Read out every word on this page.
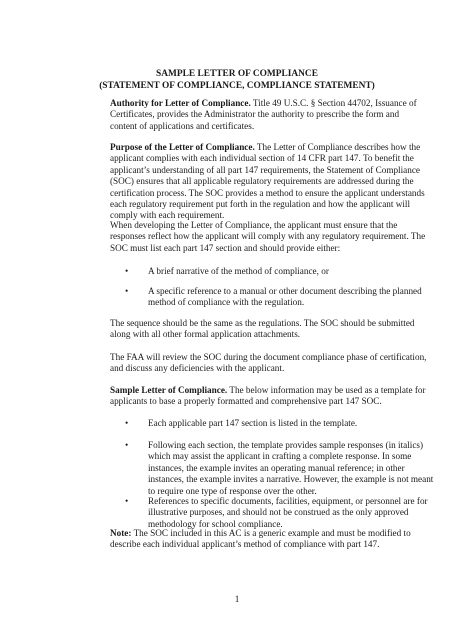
SAMPLE LETTER OF COMPLIANCE
(STATEMENT OF COMPLIANCE, COMPLIANCE STATEMENT)

Authority for Letter of Compliance. Title 49 U.S.C. § Section 44702, Issuance of Certificates, provides the Administrator the authority to prescribe the form and content of applications and certificates.

Purpose of the Letter of Compliance. The Letter of Compliance describes how the applicant complies with each individual section of 14 CFR part 147. To benefit the applicant’s understanding of all part 147 requirements, the Statement of Compliance (SOC) ensures that all applicable regulatory requirements are addressed during the certification process. The SOC provides a method to ensure the applicant understands each regulatory requirement put forth in the regulation and how the applicant will comply with each requirement.

When developing the Letter of Compliance, the applicant must ensure that the responses reflect how the applicant will comply with any regulatory requirement. The SOC must list each part 147 section and should provide either:

• A brief narrative of the method of compliance, or

• A specific reference to a manual or other document describing the planned method of compliance with the regulation.

The sequence should be the same as the regulations. The SOC should be submitted along with all other formal application attachments.

The FAA will review the SOC during the document compliance phase of certification, and discuss any deficiencies with the applicant.

Sample Letter of Compliance. The below information may be used as a template for applicants to base a properly formatted and comprehensive part 147 SOC.

• Each applicable part 147 section is listed in the template.

• Following each section, the template provides sample responses (in italics) which may assist the applicant in crafting a complete response. In some instances, the example invites an operating manual reference; in other instances, the example invites a narrative. However, the example is not meant to require one type of response over the other.

• References to specific documents, facilities, equipment, or personnel are for illustrative purposes, and should not be construed as the only approved methodology for school compliance.

Note: The SOC included in this AC is a generic example and must be modified to describe each individual applicant’s method of compliance with part 147.

1
